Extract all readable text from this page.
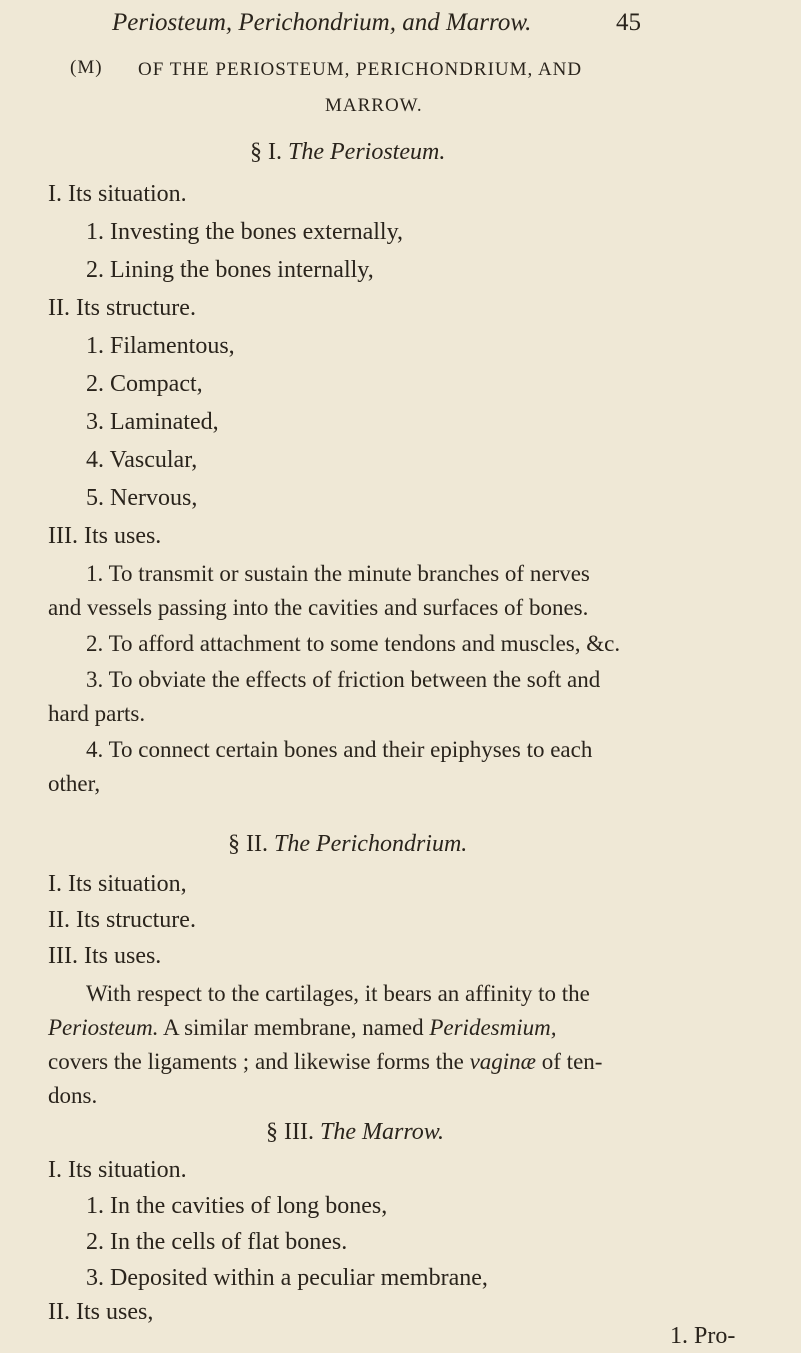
Periosteum, Perichondrium, and Marrow.	45
(M) OF THE PERIOSTEUM, PERICHONDRIUM, AND
MARROW.
§ I. The Periosteum.
I. Its situation.
1. Investing the bones externally,
2. Lining the bones internally,
II. Its structure.
1. Filamentous,
2. Compact,
3. Laminated,
4. Vascular,
5. Nervous,
III. Its uses.
1. To transmit or sustain the minute branches of nerves
and vessels passing into the cavities and surfaces of bones.
2. To afford attachment to some tendons and muscles, &c.
3. To obviate the effects of friction between the soft and
hard parts.
4. To connect certain bones and their epiphyses to each
other,
§ II. The Perichondrium.
I. Its situation,
II. Its structure.
III. Its uses.
With respect to the cartilages, it bears an affinity to the
Periosteum. A similar membrane, named Peridesmium,
covers the ligaments ; and likewise forms the vaginæ of ten-
dons.
§ III. The Marrow.
I. Its situation.
1. In the cavities of long bones,
2. In the cells of flat bones.
3. Deposited within a peculiar membrane,
II. Its uses,
1. Pro-
